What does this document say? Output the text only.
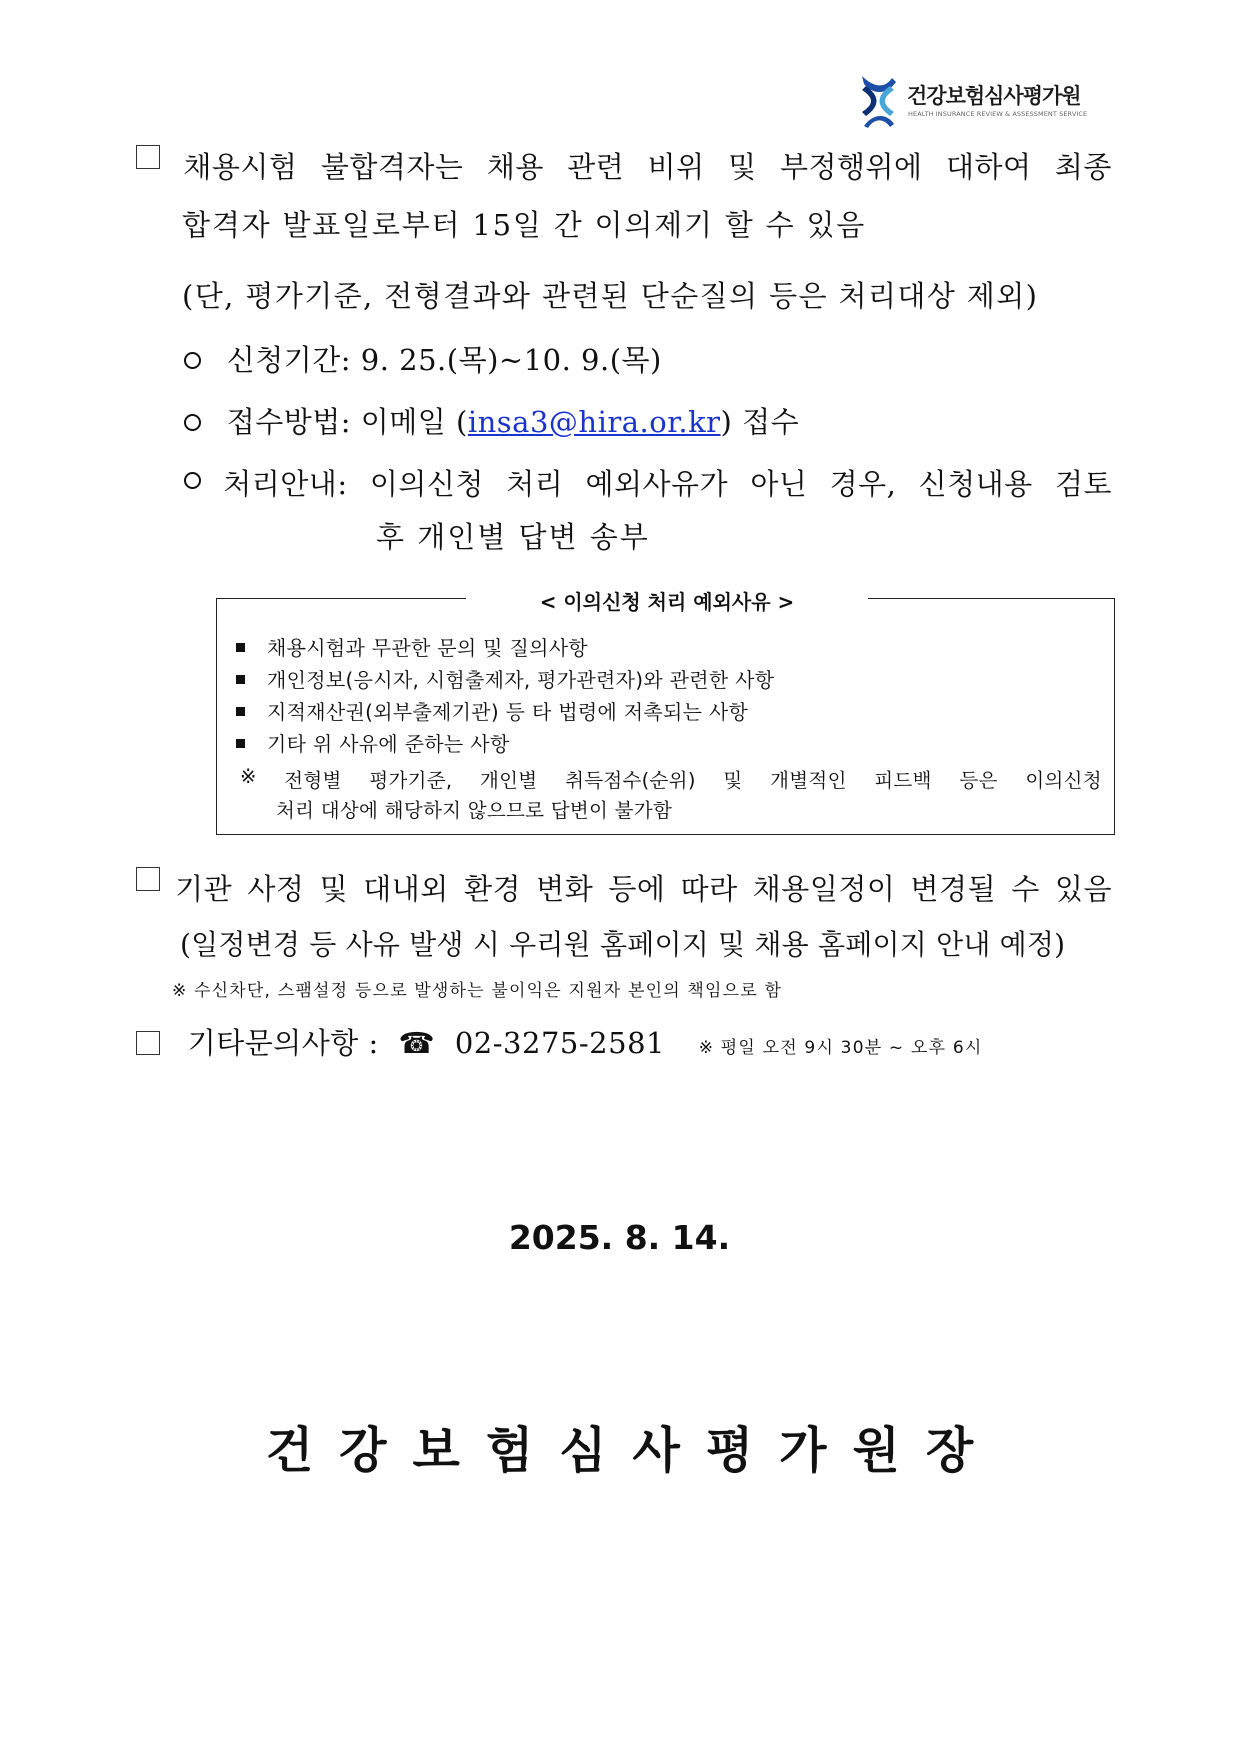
건강보험심사평가원
HEALTH INSURANCE REVIEW & ASSESSMENT SERVICE
채용시험 불합격자는 채용 관련 비위 및 부정행위에 대하여 최종
합격자 발표일로부터 15일 간 이의제기 할 수 있음
(단, 평가기준, 전형결과와 관련된 단순질의 등은 처리대상 제외)
신청기간: 9. 25.(목)~10. 9.(목)
접수방법: 이메일 (insa3@hira.or.kr) 접수
처리안내: 이의신청 처리 예외사유가 아닌 경우, 신청내용 검토
후 개인별 답변 송부
< 이의신청 처리 예외사유 >
채용시험과 무관한 문의 및 질의사항
개인정보(응시자, 시험출제자, 평가관련자)와 관련한 사항
지적재산권(외부출제기관) 등 타 법령에 저촉되는 사항
기타 위 사유에 준하는 사항
※ 전형별 평가기준, 개인별 취득점수(순위) 및 개별적인 피드백 등은 이의신청
처리 대상에 해당하지 않으므로 답변이 불가함
기관 사정 및 대내외 환경 변화 등에 따라 채용일정이 변경될 수 있음
(일정변경 등 사유 발생 시 우리원 홈페이지 및 채용 홈페이지 안내 예정)
※ 수신차단, 스팸설정 등으로 발생하는 불이익은 지원자 본인의 책임으로 함
기타문의사항 : ☎ 02-3275-2581 ※ 평일 오전 9시 30분 ~ 오후 6시
2025. 8. 14.
건강보험심사평가원장
